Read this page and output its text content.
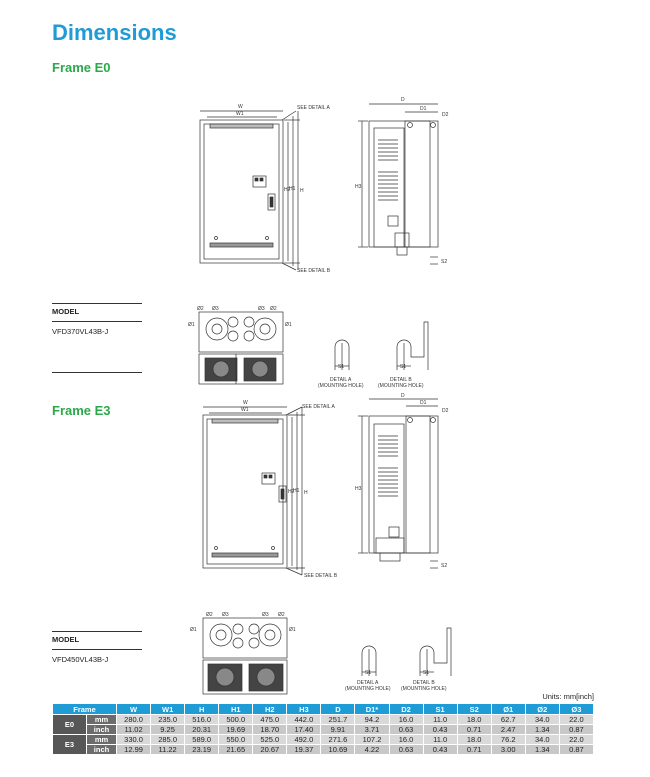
Dimensions
Frame E0
Frame E3
MODEL
VFD370VL43B-J
MODEL
VFD450VL43B-J
W
W1
SEE DETAIL A
SEE DETAIL B
H2
H1 H
D
D1
D2
H3
S2
Ø2 Ø3	Ø3 Ø2
Ø1	Ø1
S1	S1
DETAIL A
(MOUNTING HOLE)
DETAIL B
(MOUNTING HOLE)
W
W1	SEE DETAIL A
SEE DETAIL B
H2
H1 H
D
D1
D2
H3
S2
Ø2 Ø3	Ø3 Ø2
Ø1	Ø1
S1	S1
DETAIL A
(MOUNTING HOLE)
DETAIL B
(MOUNTING HOLE)
Units: mm[inch]
Frame		W	W1	H	H1	H2	H3	D	D1*	D2	S1	S2	Ø1	Ø2	Ø3
E0	mm	280.0	235.0	516.0	500.0	475.0	442.0	251.7	94.2	16.0	11.0	18.0	62.7	34.0	22.0
	inch	11.02	9.25	20.31	19.69	18.70	17.40	9.91	3.71	0.63	0.43	0.71	2.47	1.34	0.87
E3	mm	330.0	285.0	589.0	550.0	525.0	492.0	271.6	107.2	16.0	11.0	18.0	76.2	34.0	22.0
	inch	12.99	11.22	23.19	21.65	20.67	19.37	10.69	4.22	0.63	0.43	0.71	3.00	1.34	0.87
